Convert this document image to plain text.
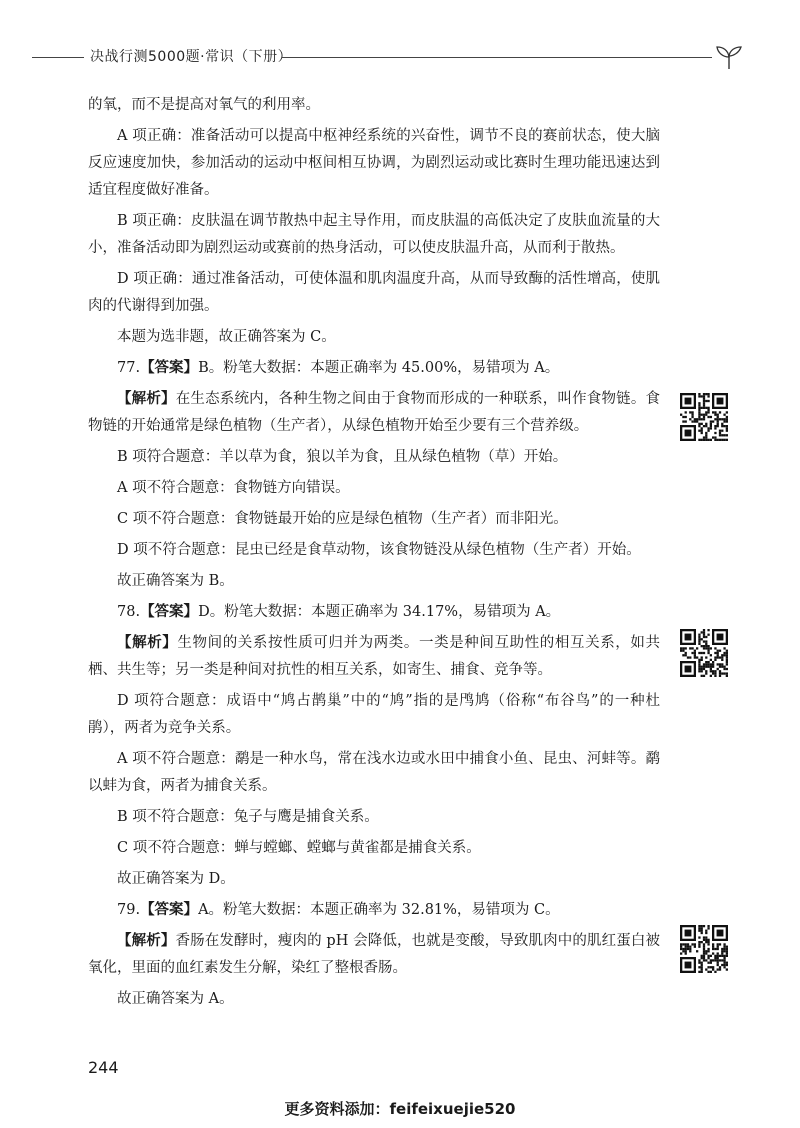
决战行测5000题·常识（下册）

的氧，而不是提高对氧气的利用率。

A 项正确：准备活动可以提高中枢神经系统的兴奋性，调节不良的赛前状态，使大脑反应速度加快，参加活动的运动中枢间相互协调，为剧烈运动或比赛时生理功能迅速达到适宜程度做好准备。

B 项正确：皮肤温在调节散热中起主导作用，而皮肤温的高低决定了皮肤血流量的大小，准备活动即为剧烈运动或赛前的热身活动，可以使皮肤温升高，从而利于散热。

D 项正确：通过准备活动，可使体温和肌肉温度升高，从而导致酶的活性增高，使肌肉的代谢得到加强。

本题为选非题，故正确答案为 C。

77.【答案】B。粉笔大数据：本题正确率为 45.00%，易错项为 A。

【解析】在生态系统内，各种生物之间由于食物而形成的一种联系，叫作食物链。食物链的开始通常是绿色植物（生产者），从绿色植物开始至少要有三个营养级。

B 项符合题意：羊以草为食，狼以羊为食，且从绿色植物（草）开始。

A 项不符合题意：食物链方向错误。

C 项不符合题意：食物链最开始的应是绿色植物（生产者）而非阳光。

D 项不符合题意：昆虫已经是食草动物，该食物链没从绿色植物（生产者）开始。

故正确答案为 B。

78.【答案】D。粉笔大数据：本题正确率为 34.17%，易错项为 A。

【解析】生物间的关系按性质可归并为两类。一类是种间互助性的相互关系，如共栖、共生等；另一类是种间对抗性的相互关系，如寄生、捕食、竞争等。

D 项符合题意：成语中“鸠占鹊巢”中的“鸠”指的是鸤鸠（俗称“布谷鸟”的一种杜鹃），两者为竞争关系。

A 项不符合题意：鹬是一种水鸟，常在浅水边或水田中捕食小鱼、昆虫、河蚌等。鹬以蚌为食，两者为捕食关系。

B 项不符合题意：兔子与鹰是捕食关系。

C 项不符合题意：蝉与螳螂、螳螂与黄雀都是捕食关系。

故正确答案为 D。

79.【答案】A。粉笔大数据：本题正确率为 32.81%，易错项为 C。

【解析】香肠在发酵时，瘦肉的 pH 会降低，也就是变酸，导致肌肉中的肌红蛋白被氧化，里面的血红素发生分解，染红了整根香肠。

故正确答案为 A。

244
更多资料添加：feifeixuejie520
